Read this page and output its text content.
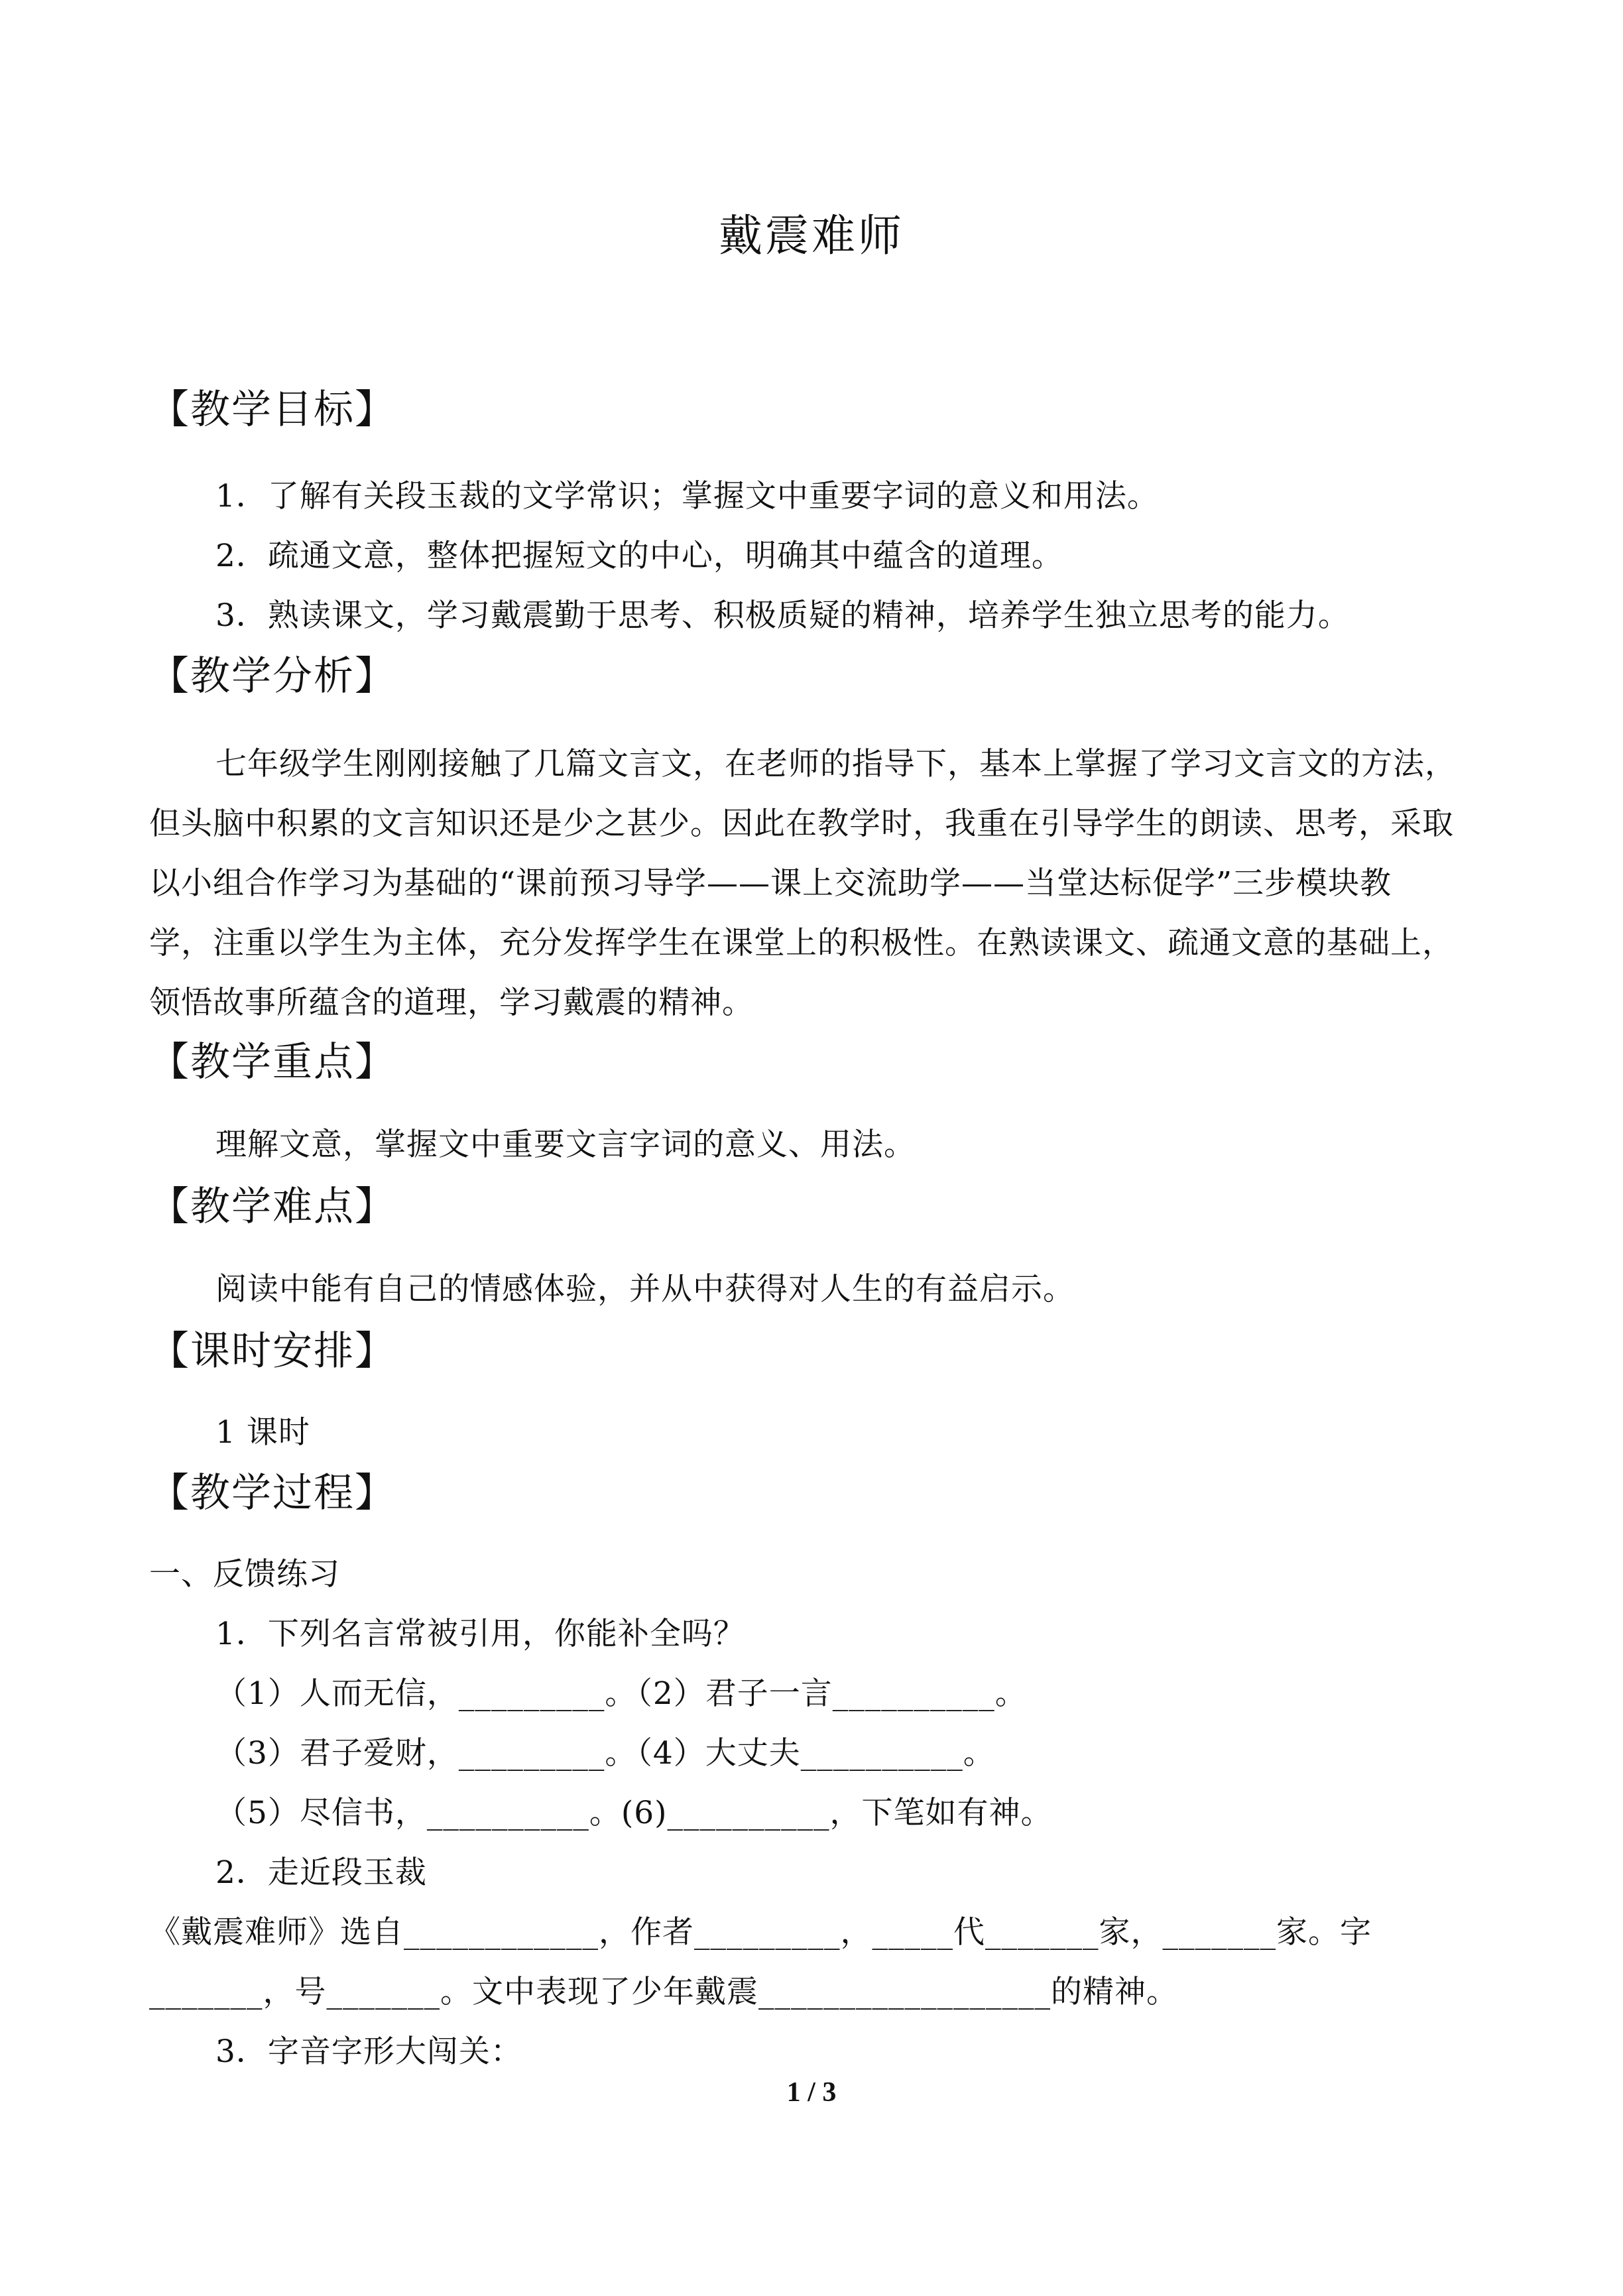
戴震难师
【教学目标】
1．了解有关段玉裁的文学常识；掌握文中重要字词的意义和用法。
2．疏通文意，整体把握短文的中心，明确其中蕴含的道理。
3．熟读课文，学习戴震勤于思考、积极质疑的精神，培养学生独立思考的能力。
【教学分析】
七年级学生刚刚接触了几篇文言文，在老师的指导下，基本上掌握了学习文言文的方法，
但头脑中积累的文言知识还是少之甚少。因此在教学时，我重在引导学生的朗读、思考，采取
以小组合作学习为基础的“课前预习导学——课上交流助学——当堂达标促学”三步模块教
学，注重以学生为主体，充分发挥学生在课堂上的积极性。在熟读课文、疏通文意的基础上，
领悟故事所蕴含的道理，学习戴震的精神。
【教学重点】
理解文意，掌握文中重要文言字词的意义、用法。
【教学难点】
阅读中能有自己的情感体验，并从中获得对人生的有益启示。
【课时安排】
1 课时
【教学过程】
一、反馈练习
1．下列名言常被引用，你能补全吗？
（1）人而无信，_________。（2）君子一言__________。
（3）君子爱财，_________。（4）大丈夫__________。
（5）尽信书，__________。(6)__________，下笔如有神。
2．走近段玉裁
《戴震难师》选自____________，作者_________，_____代_______家，_______家。字
_______，号_______。文中表现了少年戴震__________________的精神。
3．字音字形大闯关：
1 / 3
